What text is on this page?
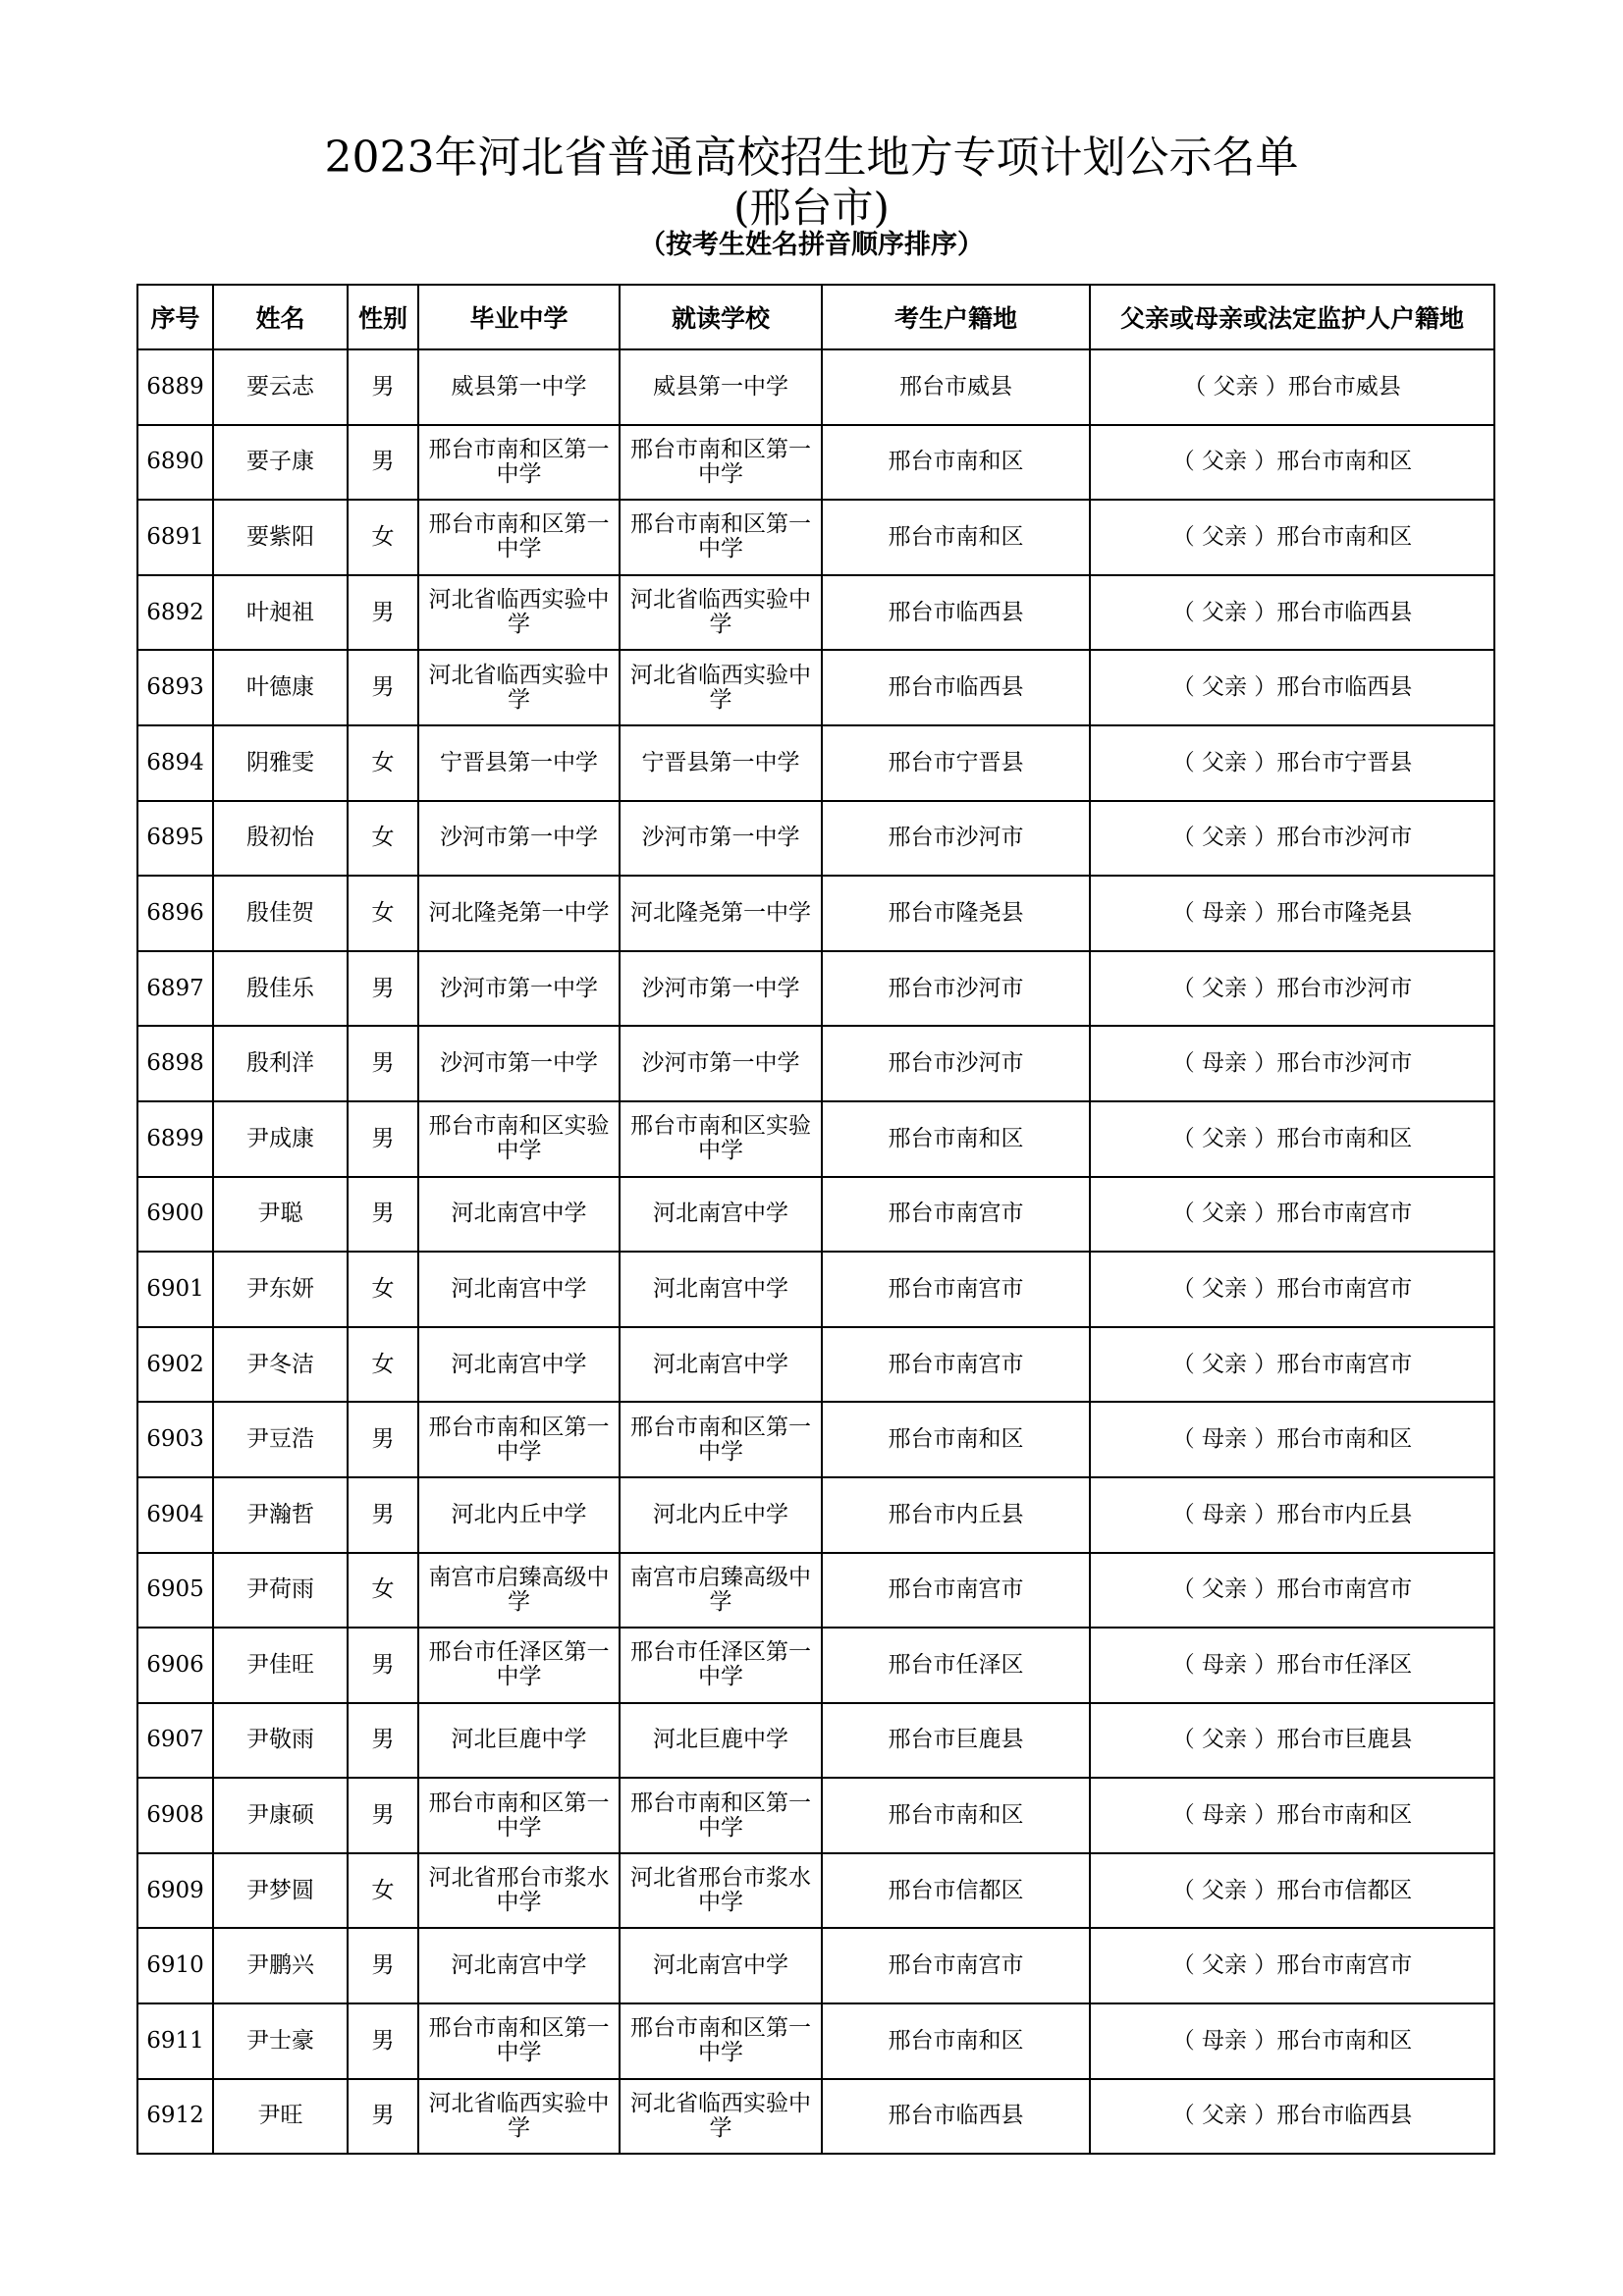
2023年河北省普通高校招生地方专项计划公示名单
(邢台市)
（按考生姓名拼音顺序排序）
序号	姓名	性别	毕业中学	就读学校	考生户籍地	父亲或母亲或法定监护人户籍地
6889	要云志	男	威县第一中学	威县第一中学	邢台市威县	（ 父亲 ）邢台市威县
6890	要子康	男	邢台市南和区第一中学	邢台市南和区第一中学	邢台市南和区	（ 父亲 ）邢台市南和区
6891	要紫阳	女	邢台市南和区第一中学	邢台市南和区第一中学	邢台市南和区	（ 父亲 ）邢台市南和区
6892	叶昶祖	男	河北省临西实验中学	河北省临西实验中学	邢台市临西县	（ 父亲 ）邢台市临西县
6893	叶德康	男	河北省临西实验中学	河北省临西实验中学	邢台市临西县	（ 父亲 ）邢台市临西县
6894	阴雅雯	女	宁晋县第一中学	宁晋县第一中学	邢台市宁晋县	（ 父亲 ）邢台市宁晋县
6895	殷初怡	女	沙河市第一中学	沙河市第一中学	邢台市沙河市	（ 父亲 ）邢台市沙河市
6896	殷佳贺	女	河北隆尧第一中学	河北隆尧第一中学	邢台市隆尧县	（ 母亲 ）邢台市隆尧县
6897	殷佳乐	男	沙河市第一中学	沙河市第一中学	邢台市沙河市	（ 父亲 ）邢台市沙河市
6898	殷利洋	男	沙河市第一中学	沙河市第一中学	邢台市沙河市	（ 母亲 ）邢台市沙河市
6899	尹成康	男	邢台市南和区实验中学	邢台市南和区实验中学	邢台市南和区	（ 父亲 ）邢台市南和区
6900	尹聪	男	河北南宫中学	河北南宫中学	邢台市南宫市	（ 父亲 ）邢台市南宫市
6901	尹东妍	女	河北南宫中学	河北南宫中学	邢台市南宫市	（ 父亲 ）邢台市南宫市
6902	尹冬洁	女	河北南宫中学	河北南宫中学	邢台市南宫市	（ 父亲 ）邢台市南宫市
6903	尹豆浩	男	邢台市南和区第一中学	邢台市南和区第一中学	邢台市南和区	（ 母亲 ）邢台市南和区
6904	尹瀚哲	男	河北内丘中学	河北内丘中学	邢台市内丘县	（ 母亲 ）邢台市内丘县
6905	尹荷雨	女	南宫市启臻高级中学	南宫市启臻高级中学	邢台市南宫市	（ 父亲 ）邢台市南宫市
6906	尹佳旺	男	邢台市任泽区第一中学	邢台市任泽区第一中学	邢台市任泽区	（ 母亲 ）邢台市任泽区
6907	尹敬雨	男	河北巨鹿中学	河北巨鹿中学	邢台市巨鹿县	（ 父亲 ）邢台市巨鹿县
6908	尹康硕	男	邢台市南和区第一中学	邢台市南和区第一中学	邢台市南和区	（ 母亲 ）邢台市南和区
6909	尹梦圆	女	河北省邢台市浆水中学	河北省邢台市浆水中学	邢台市信都区	（ 父亲 ）邢台市信都区
6910	尹鹏兴	男	河北南宫中学	河北南宫中学	邢台市南宫市	（ 父亲 ）邢台市南宫市
6911	尹士豪	男	邢台市南和区第一中学	邢台市南和区第一中学	邢台市南和区	（ 母亲 ）邢台市南和区
6912	尹旺	男	河北省临西实验中学	河北省临西实验中学	邢台市临西县	（ 父亲 ）邢台市临西县
